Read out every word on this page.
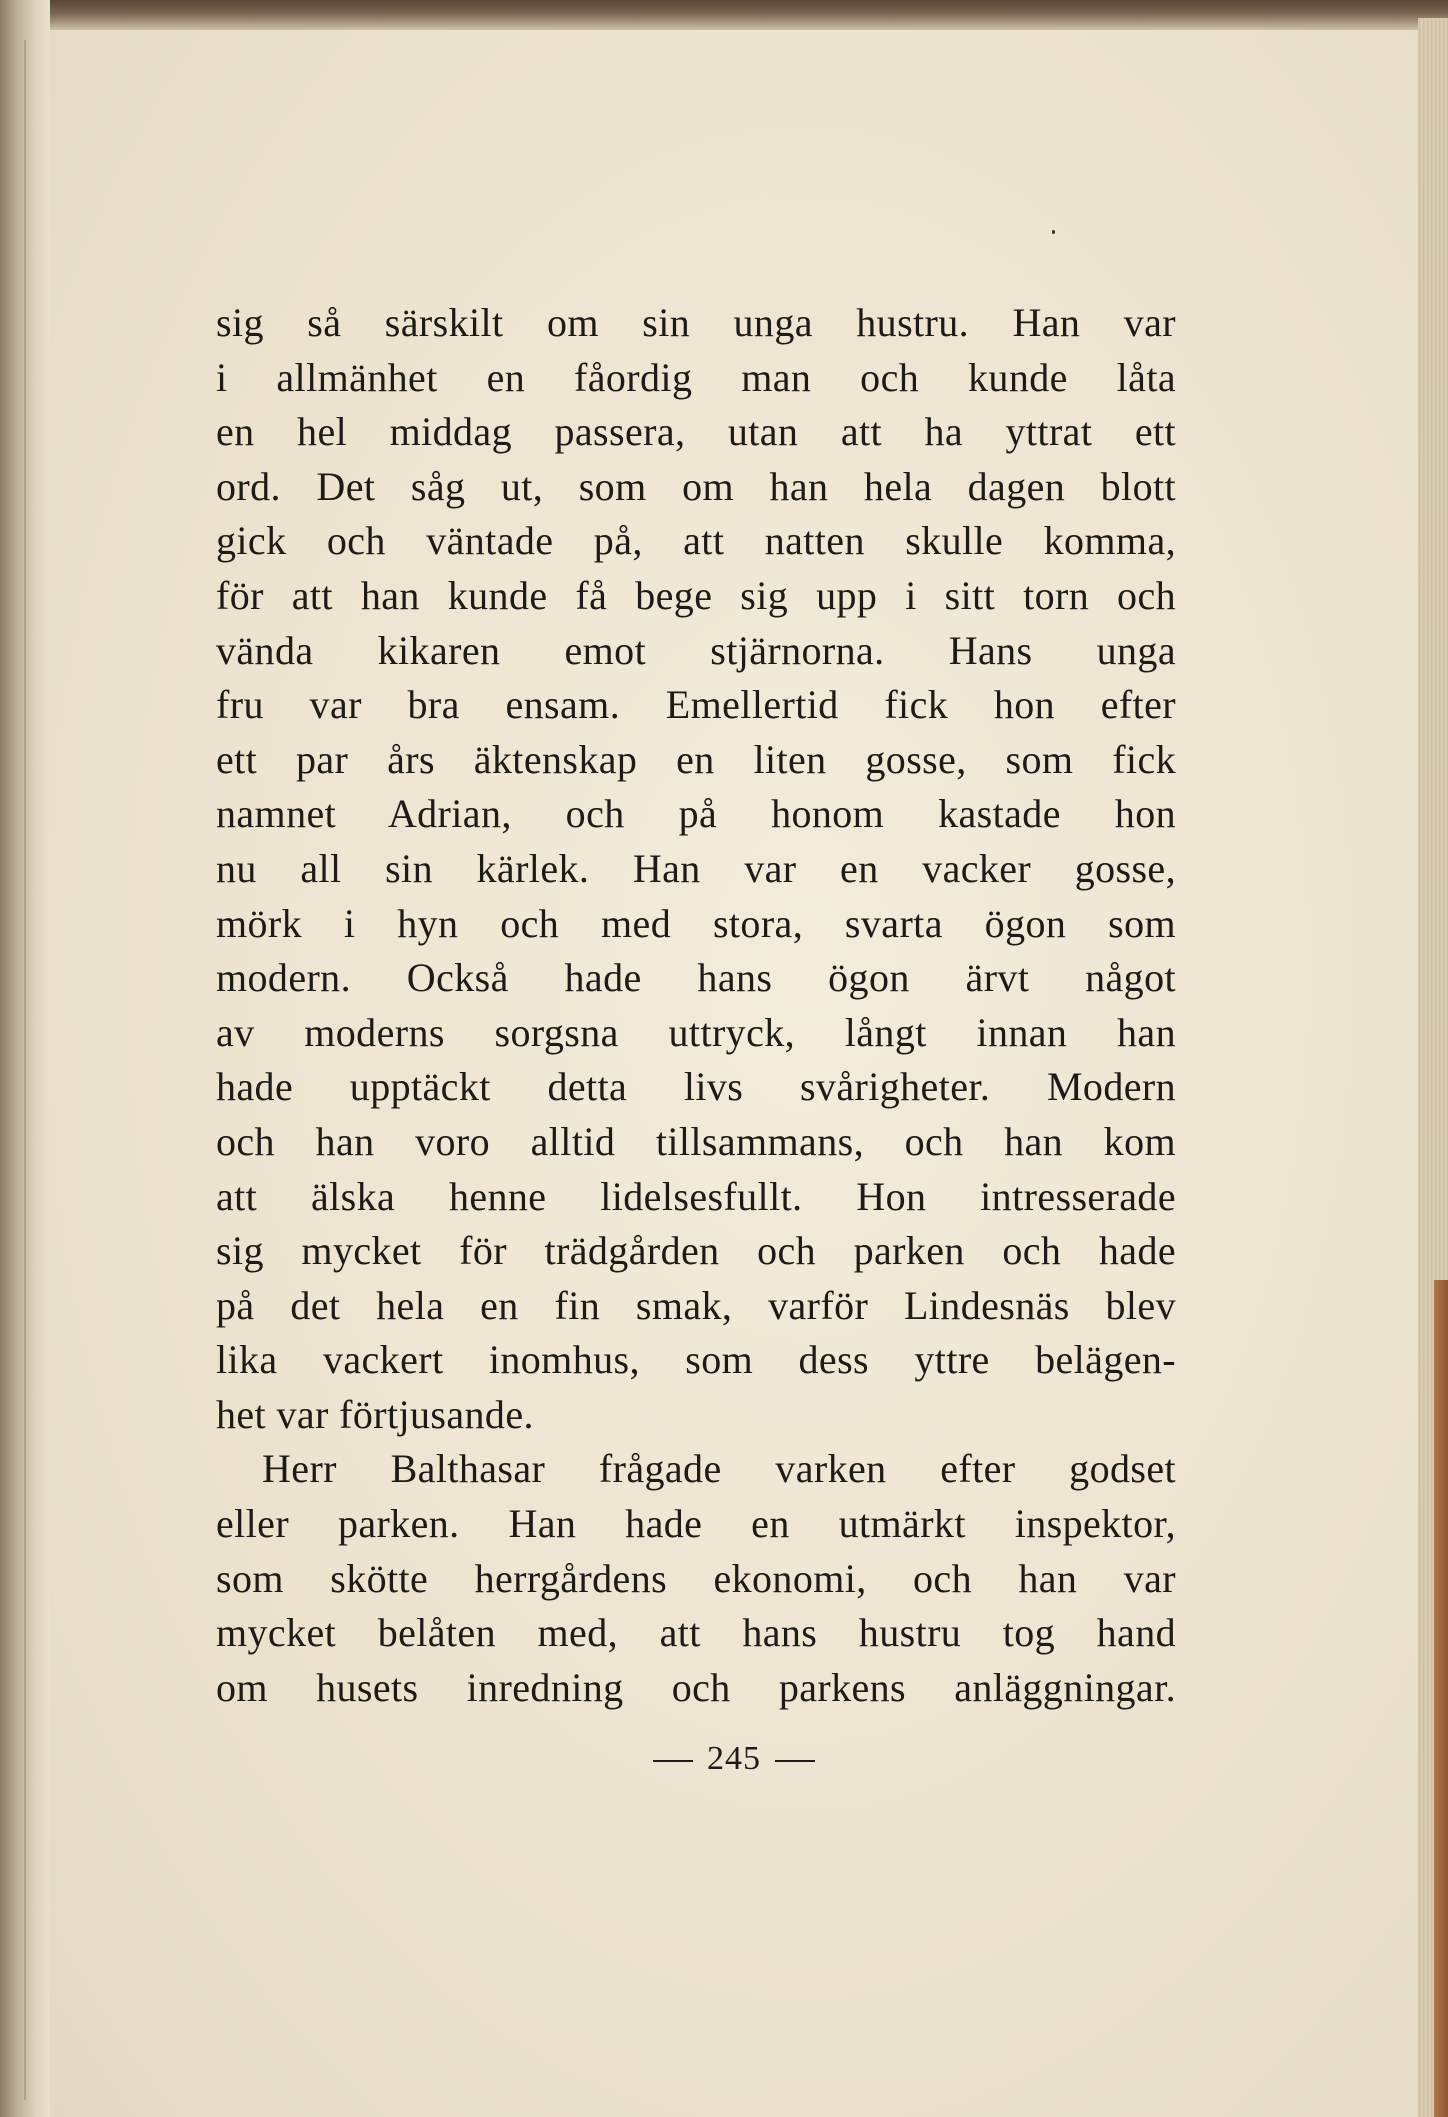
sig så särskilt om sin unga hustru. Han var
i allmänhet en fåordig man och kunde låta
en hel middag passera, utan att ha yttrat ett
ord. Det såg ut, som om han hela dagen blott
gick och väntade på, att natten skulle komma,
för att han kunde få bege sig upp i sitt torn och
vända kikaren emot stjärnorna. Hans unga
fru var bra ensam. Emellertid fick hon efter
ett par års äktenskap en liten gosse, som fick
namnet Adrian, och på honom kastade hon
nu all sin kärlek. Han var en vacker gosse,
mörk i hyn och med stora, svarta ögon som
modern. Också hade hans ögon ärvt något
av moderns sorgsna uttryck, långt innan han
hade upptäckt detta livs svårigheter. Modern
och han voro alltid tillsammans, och han kom
att älska henne lidelsesfullt. Hon intresserade
sig mycket för trädgården och parken och hade
på det hela en fin smak, varför Lindesnäs blev
lika vackert inomhus, som dess yttre belägen-
het var förtjusande.
Herr Balthasar frågade varken efter godset
eller parken. Han hade en utmärkt inspektor,
som skötte herrgårdens ekonomi, och han var
mycket belåten med, att hans hustru tog hand
om husets inredning och parkens anläggningar.
245
